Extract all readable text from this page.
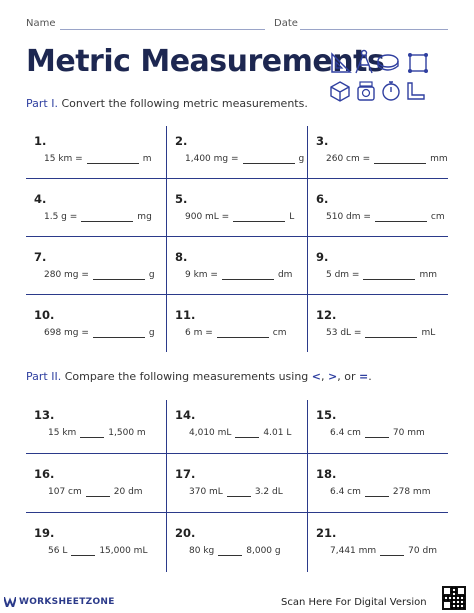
Name	Date
Metric Measurements
Part I. Convert the following metric measurements.
1.
15 km =	m
2.
1,400 mg =	g
3.
260 cm =	mm
4.
1.5 g =	mg
5.
900 mL =	L
6.
510 dm =	cm
7.
280 mg =	g
8.
9 km =	dm
9.
5 dm =	mm
10.
698 mg =	g
11.
6 m =	cm
12.
53 dL =	mL
Part II. Compare the following measurements using <, >, or =.
13.
15 km	1,500 m
14.
4,010 mL	4.01 L
15.
6.4 cm	70 mm
16.
107 cm	20 dm
17.
370 mL	3.2 dL
18.
6.4 cm	278 mm
19.
56 L	15,000 mL
20.
80 kg	8,000 g
21.
7,441 mm	70 dm
WORKSHEETZONE	Scan Here For Digital Version
